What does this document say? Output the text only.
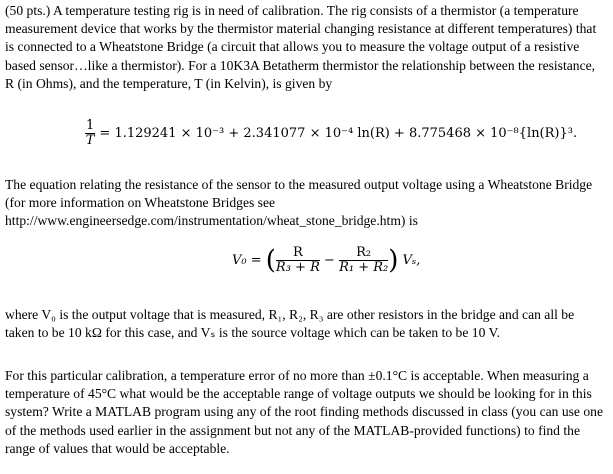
(50 pts.) A temperature testing rig is in need of calibration. The rig consists of a thermistor (a temperature measurement device that works by the thermistor material changing resistance at different temperatures) that is connected to a Wheatstone Bridge (a circuit that allows you to measure the voltage output of a resistive based sensor…like a thermistor). For a 10K3A Betatherm thermistor the relationship between the resistance, R (in Ohms), and the temperature, T (in Kelvin), is given by

$\frac{1}{T} = 1.129241 \times 10^{-3} + 2.341077 \times 10^{-4}$ ln(R) + 8.775468 × 10⁻⁸{ln(R)}³.

The equation relating the resistance of the sensor to the measured output voltage using a Wheatstone Bridge (for more information on Wheatstone Bridges see http://www.engineersedge.com/instrumentation/wheat_stone_bridge.htm) is

V₀ = ( $\frac{R}{\text{R₃ + R}} - \frac{\text{R₂}}{\text{R₁ + R₂}}$ ) Vₛ,

where V₀ is the output voltage that is measured, R₁, R₂, R₃ are other resistors in the bridge and can all be taken to be 10 kΩ for this case, and Vₛ is the source voltage which can be taken to be 10 V.

For this particular calibration, a temperature error of no more than ±0.1°C is acceptable. When measuring a temperature of 45°C what would be the acceptable range of voltage outputs we should be looking for in this system? Write a MATLAB program using any of the root finding methods discussed in class (you can use one of the methods used earlier in the assignment but not any of the MATLAB-provided functions) to find the range of values that would be acceptable.
